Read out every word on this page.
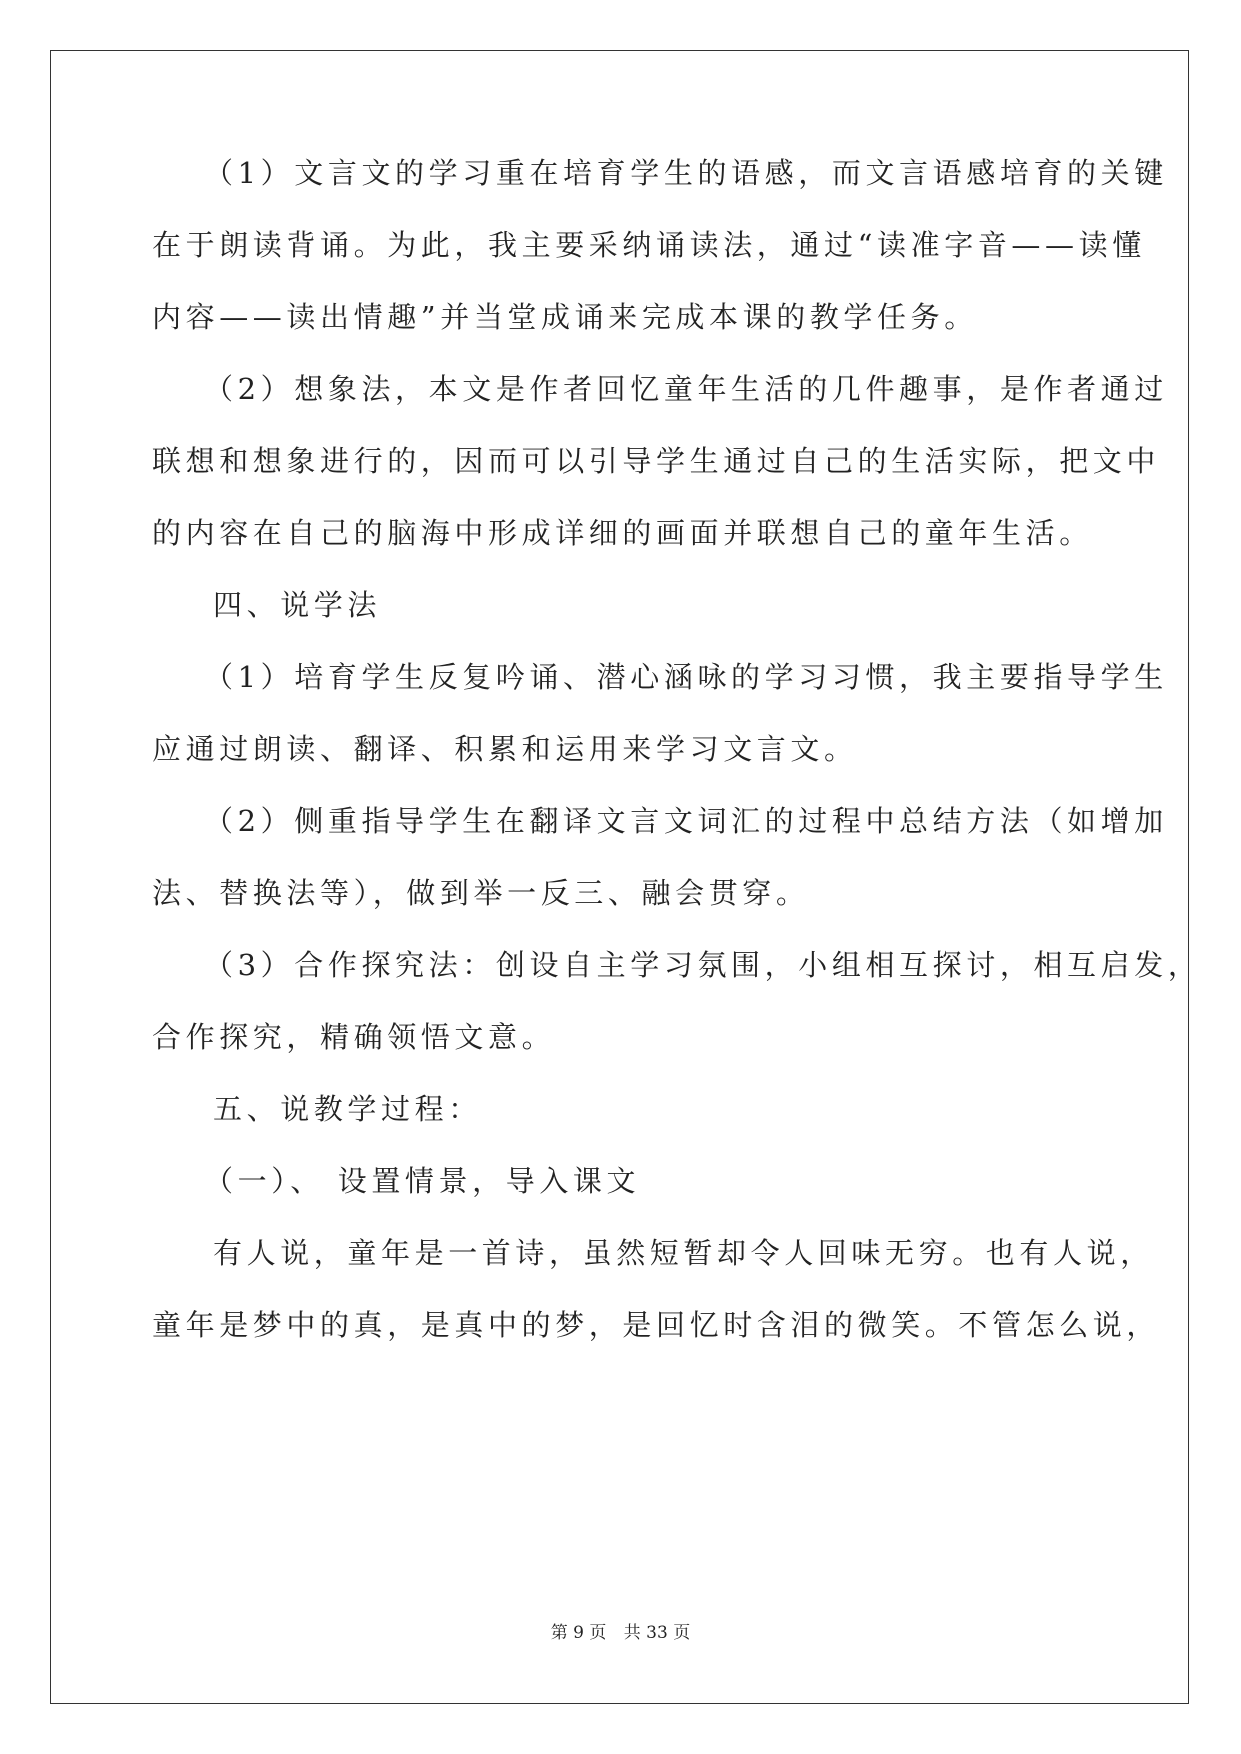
（1）文言文的学习重在培育学生的语感，而文言语感培育的关键

在于朗读背诵。为此，我主要采纳诵读法，通过“读准字音——读懂

内容——读出情趣”并当堂成诵来完成本课的教学任务。

（2）想象法，本文是作者回忆童年生活的几件趣事，是作者通过

联想和想象进行的，因而可以引导学生通过自己的生活实际，把文中

的内容在自己的脑海中形成详细的画面并联想自己的童年生活。

四、说学法

（1）培育学生反复吟诵、潜心涵咏的学习习惯，我主要指导学生

应通过朗读、翻译、积累和运用来学习文言文。

（2）侧重指导学生在翻译文言文词汇的过程中总结方法（如增加

法、替换法等），做到举一反三、融会贯穿。

（3）合作探究法：创设自主学习氛围，小组相互探讨，相互启发，

合作探究，精确领悟文意。

五、说教学过程：

（一）、 设置情景，导入课文

有人说，童年是一首诗，虽然短暂却令人回味无穷。也有人说，

童年是梦中的真，是真中的梦，是回忆时含泪的微笑。不管怎么说，

第 9 页 共 33 页
